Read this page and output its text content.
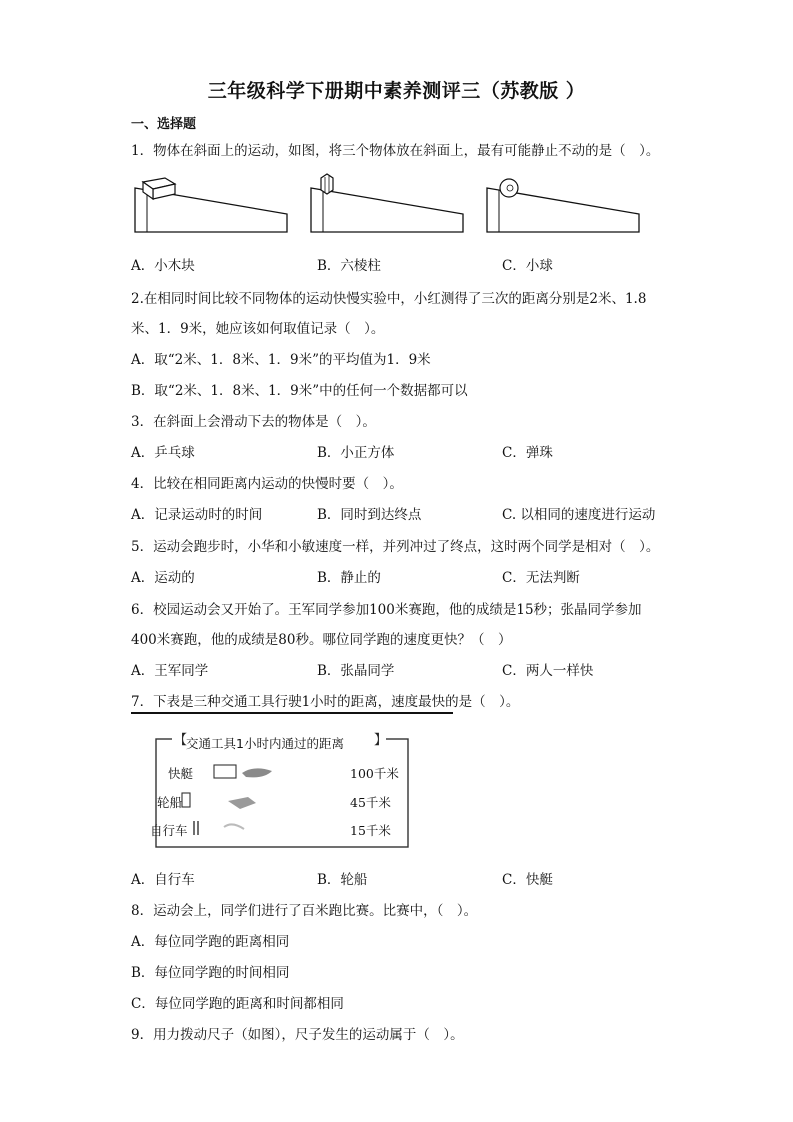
三年级科学下册期中素养测评三（苏教版 ）
一、选择题
1．物体在斜面上的运动，如图，将三个物体放在斜面上，最有可能静止不动的是（　）。
A．小木块	B．六棱柱	C．小球
2.在相同时间比较不同物体的运动快慢实验中，小红测得了三次的距离分别是2米、1.8
米、1．9米，她应该如何取值记录（　）。
A．取“2米、1．8米、1．9米”的平均值为1．9米
B．取“2米、1．8米、1．9米”中的任何一个数据都可以
3．在斜面上会滑动下去的物体是（　）。
A．乒乓球	B．小正方体	C．弹珠
4．比较在相同距离内运动的快慢时要（　）。
A．记录运动时的时间	B．同时到达终点	C. 以相同的速度进行运动
5．运动会跑步时，小华和小敏速度一样，并列冲过了终点，这时两个同学是相对（　）。
A．运动的	B．静止的	C．无法判断
6．校园运动会又开始了。王军同学参加100米赛跑，他的成绩是15秒；张晶同学参加
400米赛跑，他的成绩是80秒。哪位同学跑的速度更快？（　）
A．王军同学	B．张晶同学	C．两人一样快
7．下表是三种交通工具行驶1小时的距离，速度最快的是（　）。
【	】
交通工具1小时内通过的距离
快艇	100千米
轮船	45千米
自行车	15千米
A．自行车	B．轮船	C．快艇
8．运动会上，同学们进行了百米跑比赛。比赛中，（　）。
A．每位同学跑的距离相同
B．每位同学跑的时间相同
C．每位同学跑的距离和时间都相同
9．用力拨动尺子（如图），尺子发生的运动属于（　）。
